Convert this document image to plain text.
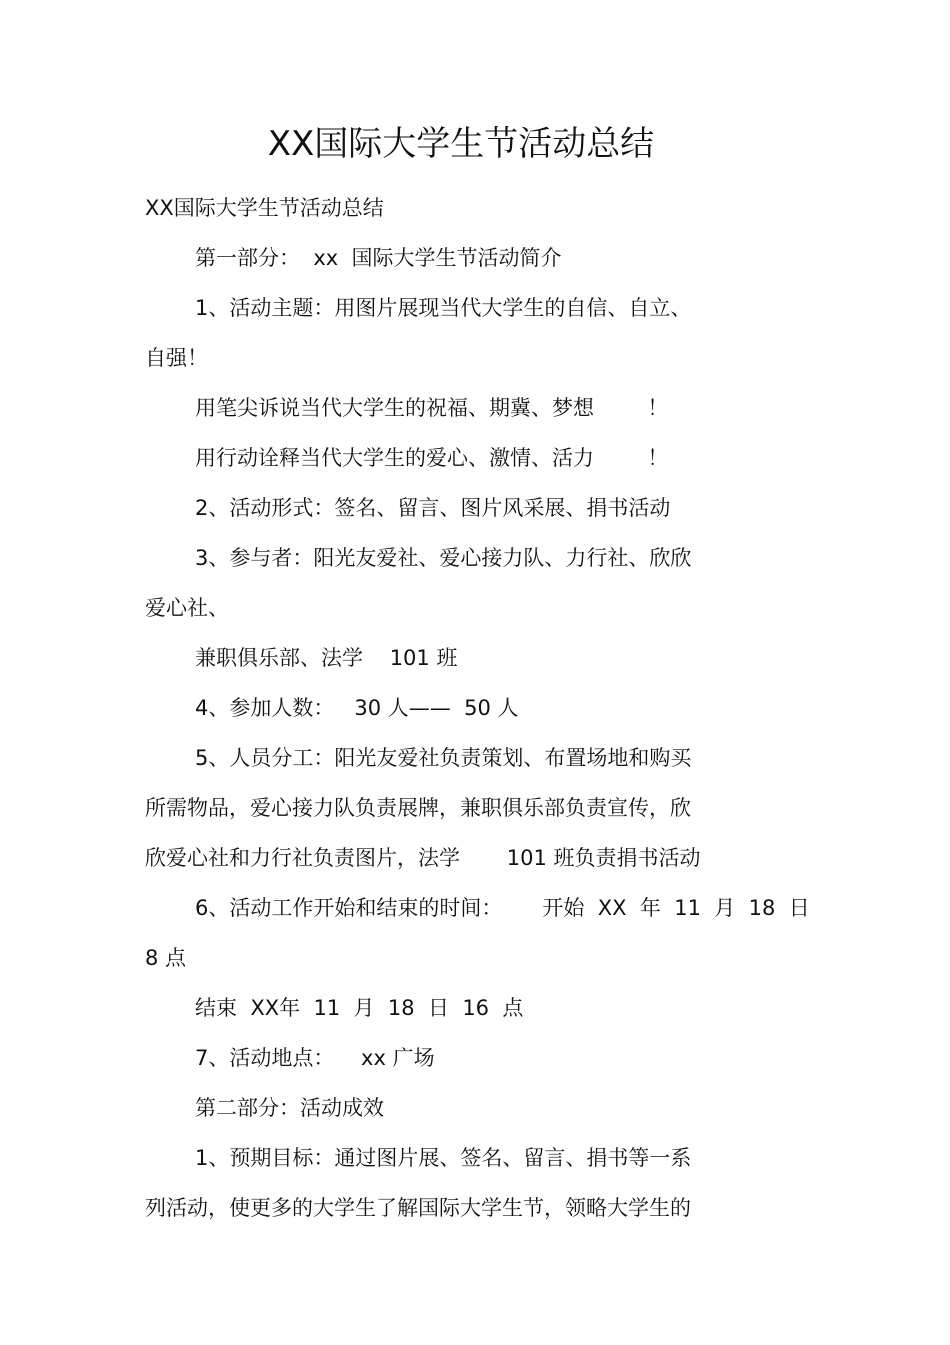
XX国际大学生节活动总结
XX国际大学生节活动总结
第一部分：  xx  国际大学生节活动简介
1、活动主题：用图片展现当代大学生的自信、自立、
自强！
用笔尖诉说当代大学生的祝福、期冀、梦想        ！
用行动诠释当代大学生的爱心、激情、活力        ！
2、活动形式：签名、留言、图片风采展、捐书活动
3、参与者：阳光友爱社、爱心接力队、力行社、欣欣
爱心社、
兼职俱乐部、法学    101 班
4、参加人数：   30 人——  50 人
5、人员分工：阳光友爱社负责策划、布置场地和购买
所需物品，爱心接力队负责展牌，兼职俱乐部负责宣传，欣
欣爱心社和力行社负责图片，法学       101 班负责捐书活动
6、活动工作开始和结束的时间：      开始  XX  年  11  月  18  日
8 点
结束  XX年  11  月  18  日  16  点
7、活动地点：    xx 广场
第二部分：活动成效
1、预期目标：通过图片展、签名、留言、捐书等一系
列活动，使更多的大学生了解国际大学生节，领略大学生的
